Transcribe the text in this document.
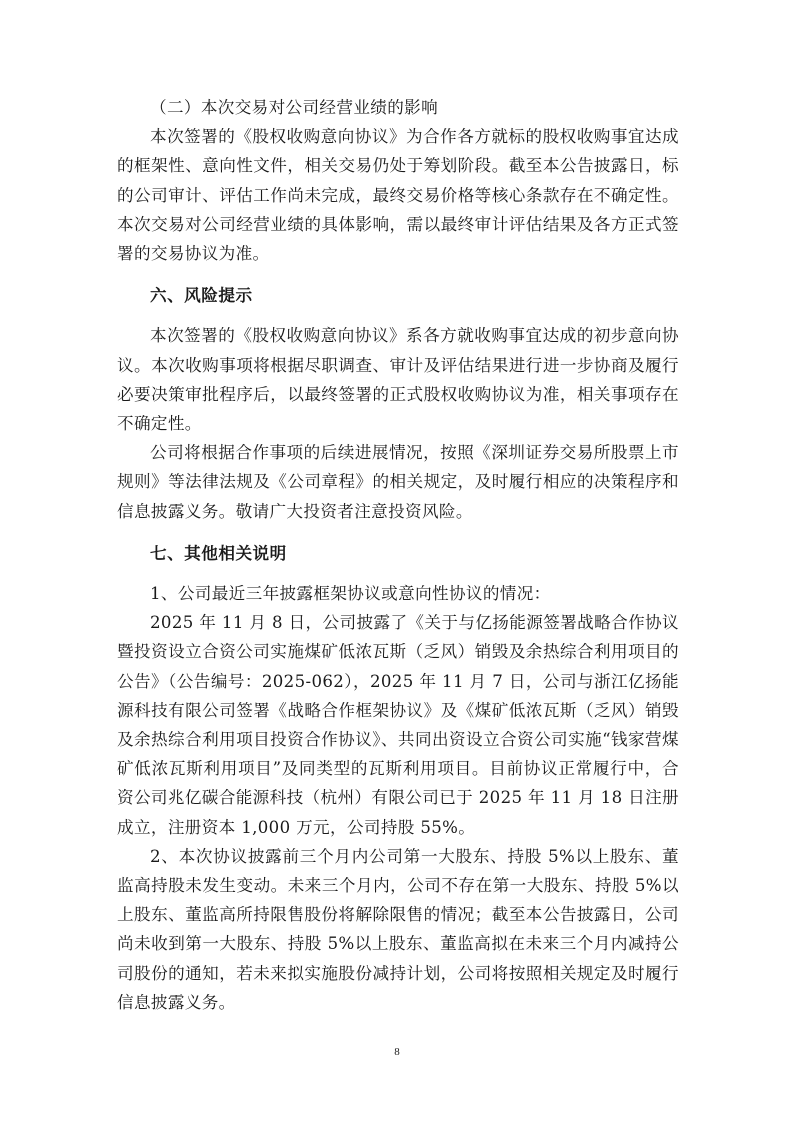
（二）本次交易对公司经营业绩的影响

本次签署的《股权收购意向协议》为合作各方就标的股权收购事宜达成的框架性、意向性文件，相关交易仍处于筹划阶段。截至本公告披露日，标的公司审计、评估工作尚未完成，最终交易价格等核心条款存在不确定性。本次交易对公司经营业绩的具体影响，需以最终审计评估结果及各方正式签署的交易协议为准。

六、风险提示

本次签署的《股权收购意向协议》系各方就收购事宜达成的初步意向协议。本次收购事项将根据尽职调查、审计及评估结果进行进一步协商及履行必要决策审批程序后，以最终签署的正式股权收购协议为准，相关事项存在不确定性。

公司将根据合作事项的后续进展情况，按照《深圳证券交易所股票上市规则》等法律法规及《公司章程》的相关规定，及时履行相应的决策程序和信息披露义务。敬请广大投资者注意投资风险。

七、其他相关说明

1、公司最近三年披露框架协议或意向性协议的情况：

2025 年 11 月 8 日，公司披露了《关于与亿扬能源签署战略合作协议暨投资设立合资公司实施煤矿低浓瓦斯（乏风）销毁及余热综合利用项目的公告》（公告编号：2025-062），2025 年 11 月 7 日，公司与浙江亿扬能源科技有限公司签署《战略合作框架协议》及《煤矿低浓瓦斯（乏风）销毁及余热综合利用项目投资合作协议》、共同出资设立合资公司实施“钱家营煤矿低浓瓦斯利用项目”及同类型的瓦斯利用项目。目前协议正常履行中，合资公司兆亿碳合能源科技（杭州）有限公司已于 2025 年 11 月 18 日注册成立，注册资本 1,000 万元，公司持股 55%。

2、本次协议披露前三个月内公司第一大股东、持股 5%以上股东、董监高持股未发生变动。未来三个月内，公司不存在第一大股东、持股 5%以上股东、董监高所持限售股份将解除限售的情况；截至本公告披露日，公司尚未收到第一大股东、持股 5%以上股东、董监高拟在未来三个月内减持公司股份的通知，若未来拟实施股份减持计划，公司将按照相关规定及时履行信息披露义务。

8
